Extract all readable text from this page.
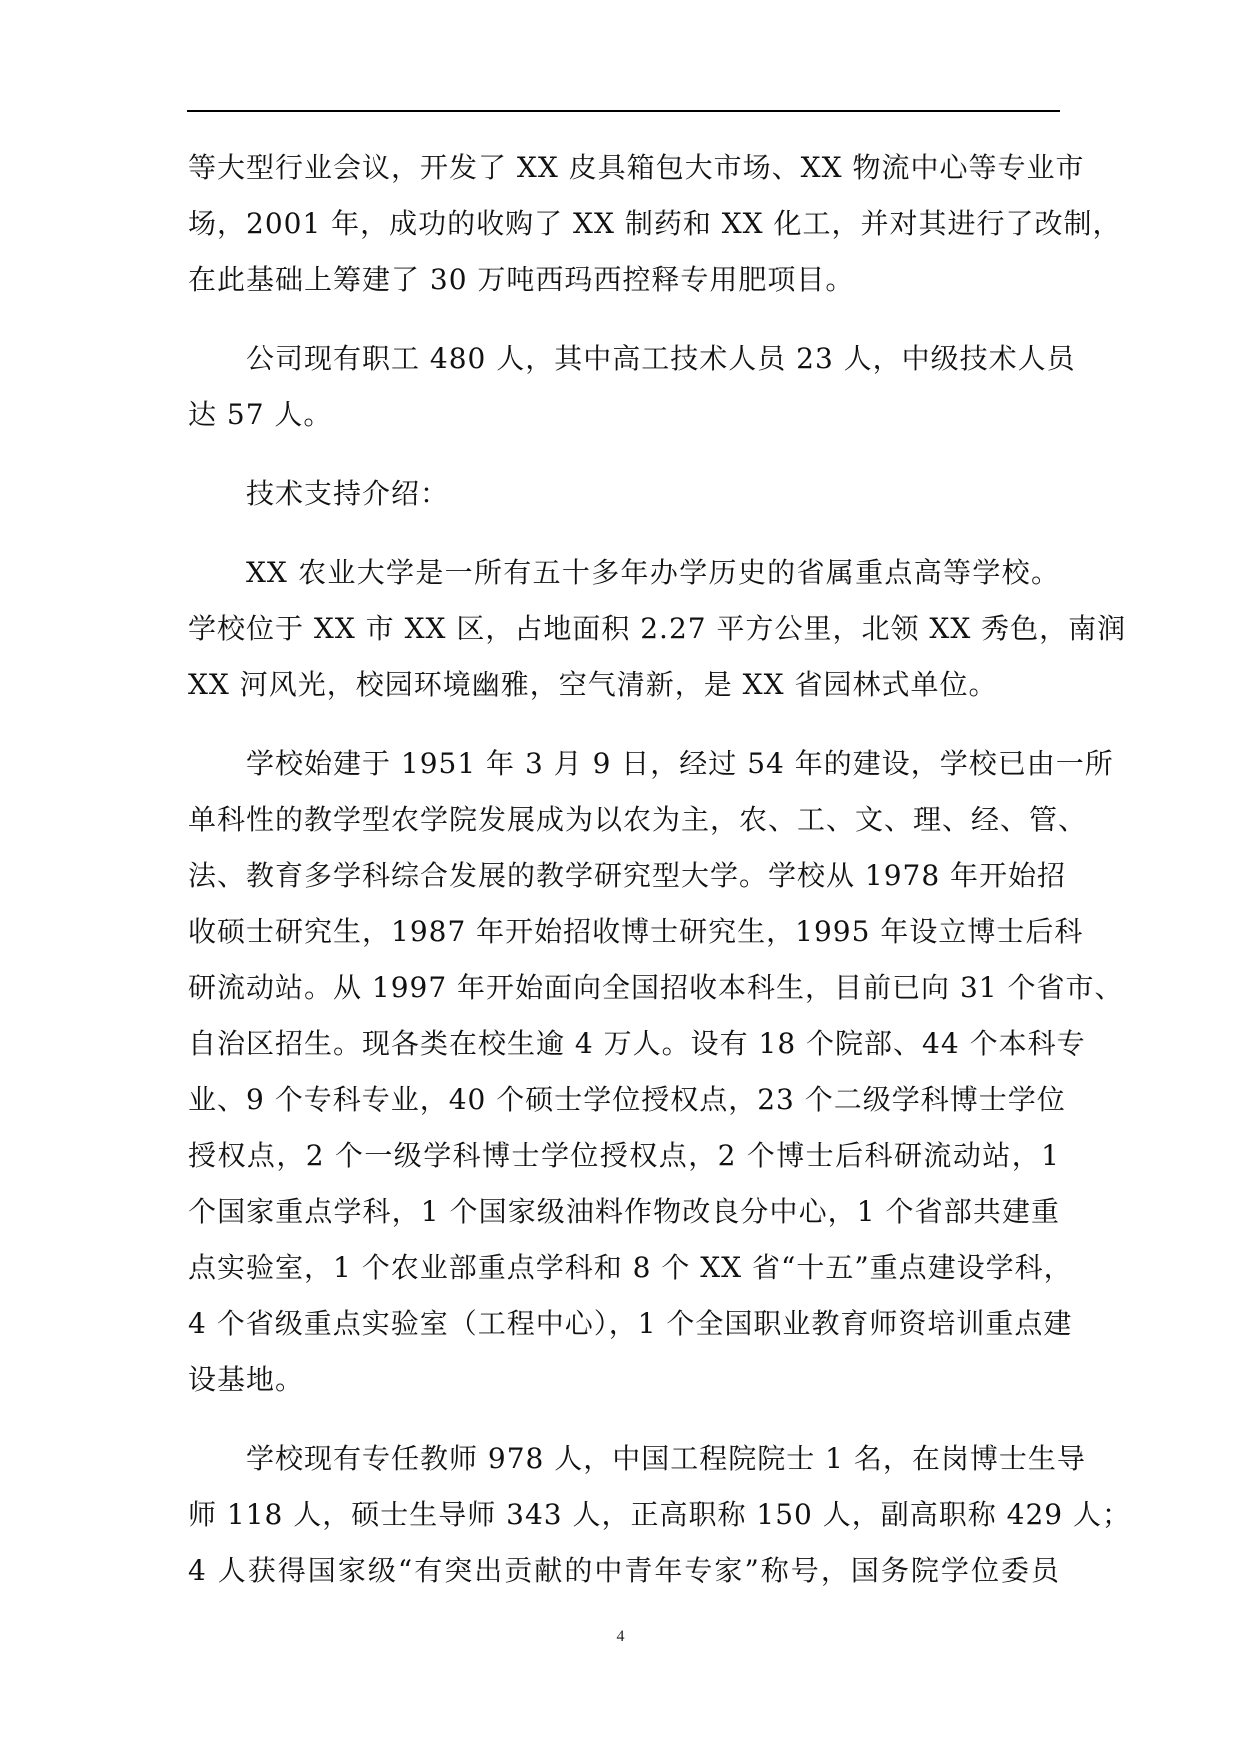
等大型行业会议，开发了 XX 皮具箱包大市场、XX 物流中心等专业市
场，2001 年，成功的收购了 XX 制药和 XX 化工，并对其进行了改制，
在此基础上筹建了 30 万吨西玛西控释专用肥项目。

公司现有职工 480 人，其中高工技术人员 23 人，中级技术人员
达 57 人。

技术支持介绍：

XX 农业大学是一所有五十多年办学历史的省属重点高等学校。
学校位于 XX 市 XX 区，占地面积 2.27 平方公里，北领 XX 秀色，南润
XX 河风光，校园环境幽雅，空气清新，是 XX 省园林式单位。

学校始建于 1951 年 3 月 9 日，经过 54 年的建设，学校已由一所
单科性的教学型农学院发展成为以农为主，农、工、文、理、经、管、
法、教育多学科综合发展的教学研究型大学。学校从 1978 年开始招
收硕士研究生，1987 年开始招收博士研究生，1995 年设立博士后科
研流动站。从 1997 年开始面向全国招收本科生，目前已向 31 个省市、
自治区招生。现各类在校生逾 4 万人。设有 18 个院部、44 个本科专
业、9 个专科专业，40 个硕士学位授权点，23 个二级学科博士学位
授权点，2 个一级学科博士学位授权点，2 个博士后科研流动站，1
个国家重点学科，1 个国家级油料作物改良分中心，1 个省部共建重
点实验室，1 个农业部重点学科和 8 个 XX 省“十五”重点建设学科，
4 个省级重点实验室（工程中心），1 个全国职业教育师资培训重点建
设基地。

学校现有专任教师 978 人，中国工程院院士 1 名，在岗博士生导
师 118 人，硕士生导师 343 人，正高职称 150 人，副高职称 429 人；
4 人获得国家级“有突出贡献的中青年专家”称号，国务院学位委员

4
